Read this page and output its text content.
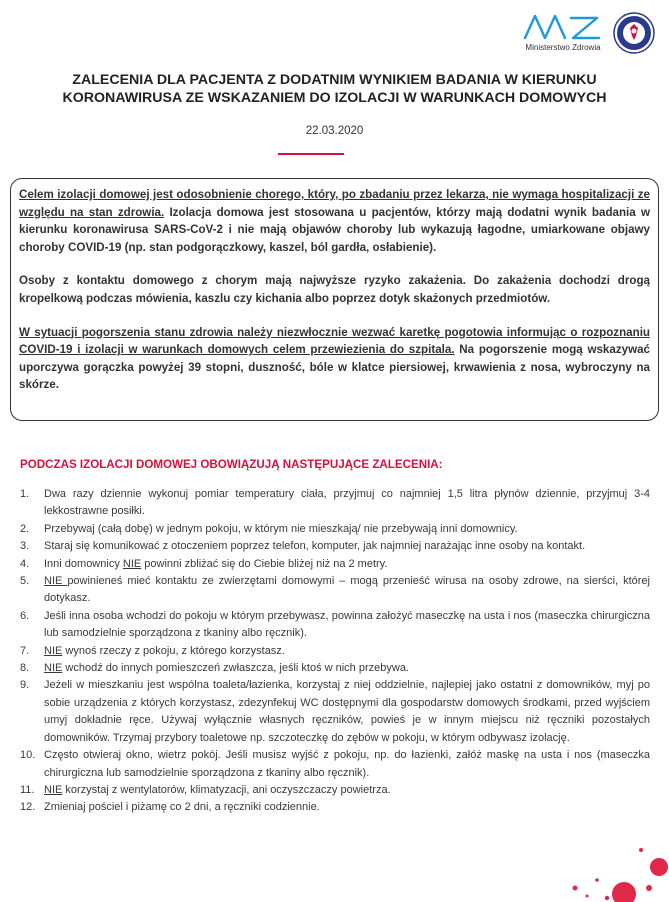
Ministerstwo Zdrowia
ZALECENIA DLA PACJENTA Z DODATNIM WYNIKIEM BADANIA W KIERUNKU
KORONAWIRUSA ZE WSKAZANIEM DO IZOLACJI W WARUNKACH DOMOWYCH
22.03.2020

Celem izolacji domowej jest odosobnienie chorego, który, po zbadaniu przez lekarza, nie wymaga hospitalizacji ze względu na stan zdrowia. Izolacja domowa jest stosowana u pacjentów, którzy mają dodatni wynik badania w kierunku koronawirusa SARS-CoV-2 i nie mają objawów choroby lub wykazują łagodne, umiarkowane objawy choroby COVID-19 (np. stan podgorączkowy, kaszel, ból gardła, osłabienie).

Osoby z kontaktu domowego z chorym mają najwyższe ryzyko zakażenia. Do zakażenia dochodzi drogą kropelkową podczas mówienia, kaszlu czy kichania albo poprzez dotyk skażonych przedmiotów.

W sytuacji pogorszenia stanu zdrowia należy niezwłocznie wezwać karetkę pogotowia informując o rozpoznaniu COVID-19 i izolacji w warunkach domowych celem przewiezienia do szpitala. Na pogorszenie mogą wskazywać uporczywa gorączka powyżej 39 stopni, duszność, bóle w klatce piersiowej, krwawienia z nosa, wybroczyny na skórze.

PODCZAS IZOLACJI DOMOWEJ OBOWIĄZUJĄ NASTĘPUJĄCE ZALECENIA:
1. Dwa razy dziennie wykonuj pomiar temperatury ciała, przyjmuj co najmniej 1,5 litra płynów dziennie, przyjmuj 3-4 lekkostrawne posiłki.
2. Przebywaj (całą dobę) w jednym pokoju, w którym nie mieszkają/ nie przebywają inni domownicy.
3. Staraj się komunikować z otoczeniem poprzez telefon, komputer, jak najmniej narażając inne osoby na kontakt.
4. Inni domownicy NIE powinni zbliżać się do Ciebie bliżej niż na 2 metry.
5. NIE powinieneś mieć kontaktu ze zwierzętami domowymi – mogą przenieść wirusa na osoby zdrowe, na sierści, której dotykasz.
6. Jeśli inna osoba wchodzi do pokoju w którym przebywasz, powinna założyć maseczkę na usta i nos (maseczka chirurgiczna lub samodzielnie sporządzona z tkaniny albo ręcznik).
7. NIE wynoś rzeczy z pokoju, z którego korzystasz.
8. NIE wchodź do innych pomieszczeń zwłaszcza, jeśli ktoś w nich przebywa.
9. Jeżeli w mieszkaniu jest wspólna toaleta/łazienka, korzystaj z niej oddzielnie, najlepiej jako ostatni z domowników, myj po sobie urządzenia z których korzystasz, zdezynfekuj WC dostępnymi dla gospodarstw domowych środkami, przed wyjściem umyj dokładnie ręce. Używaj wyłącznie własnych ręczników, powieś je w innym miejscu niż ręczniki pozostałych domowników. Trzymaj przybory toaletowe np. szczoteczkę do zębów w pokoju, w którym odbywasz izolację.
10. Często otwieraj okno, wietrz pokój. Jeśli musisz wyjść z pokoju, np. do łazienki, załóż maskę na usta i nos (maseczka chirurgiczna lub samodzielnie sporządzona z tkaniny albo ręcznik).
11. NIE korzystaj z wentylatorów, klimatyzacji, ani oczyszczaczy powietrza.
12. Zmieniaj pościel i piżamę co 2 dni, a ręczniki codziennie.
